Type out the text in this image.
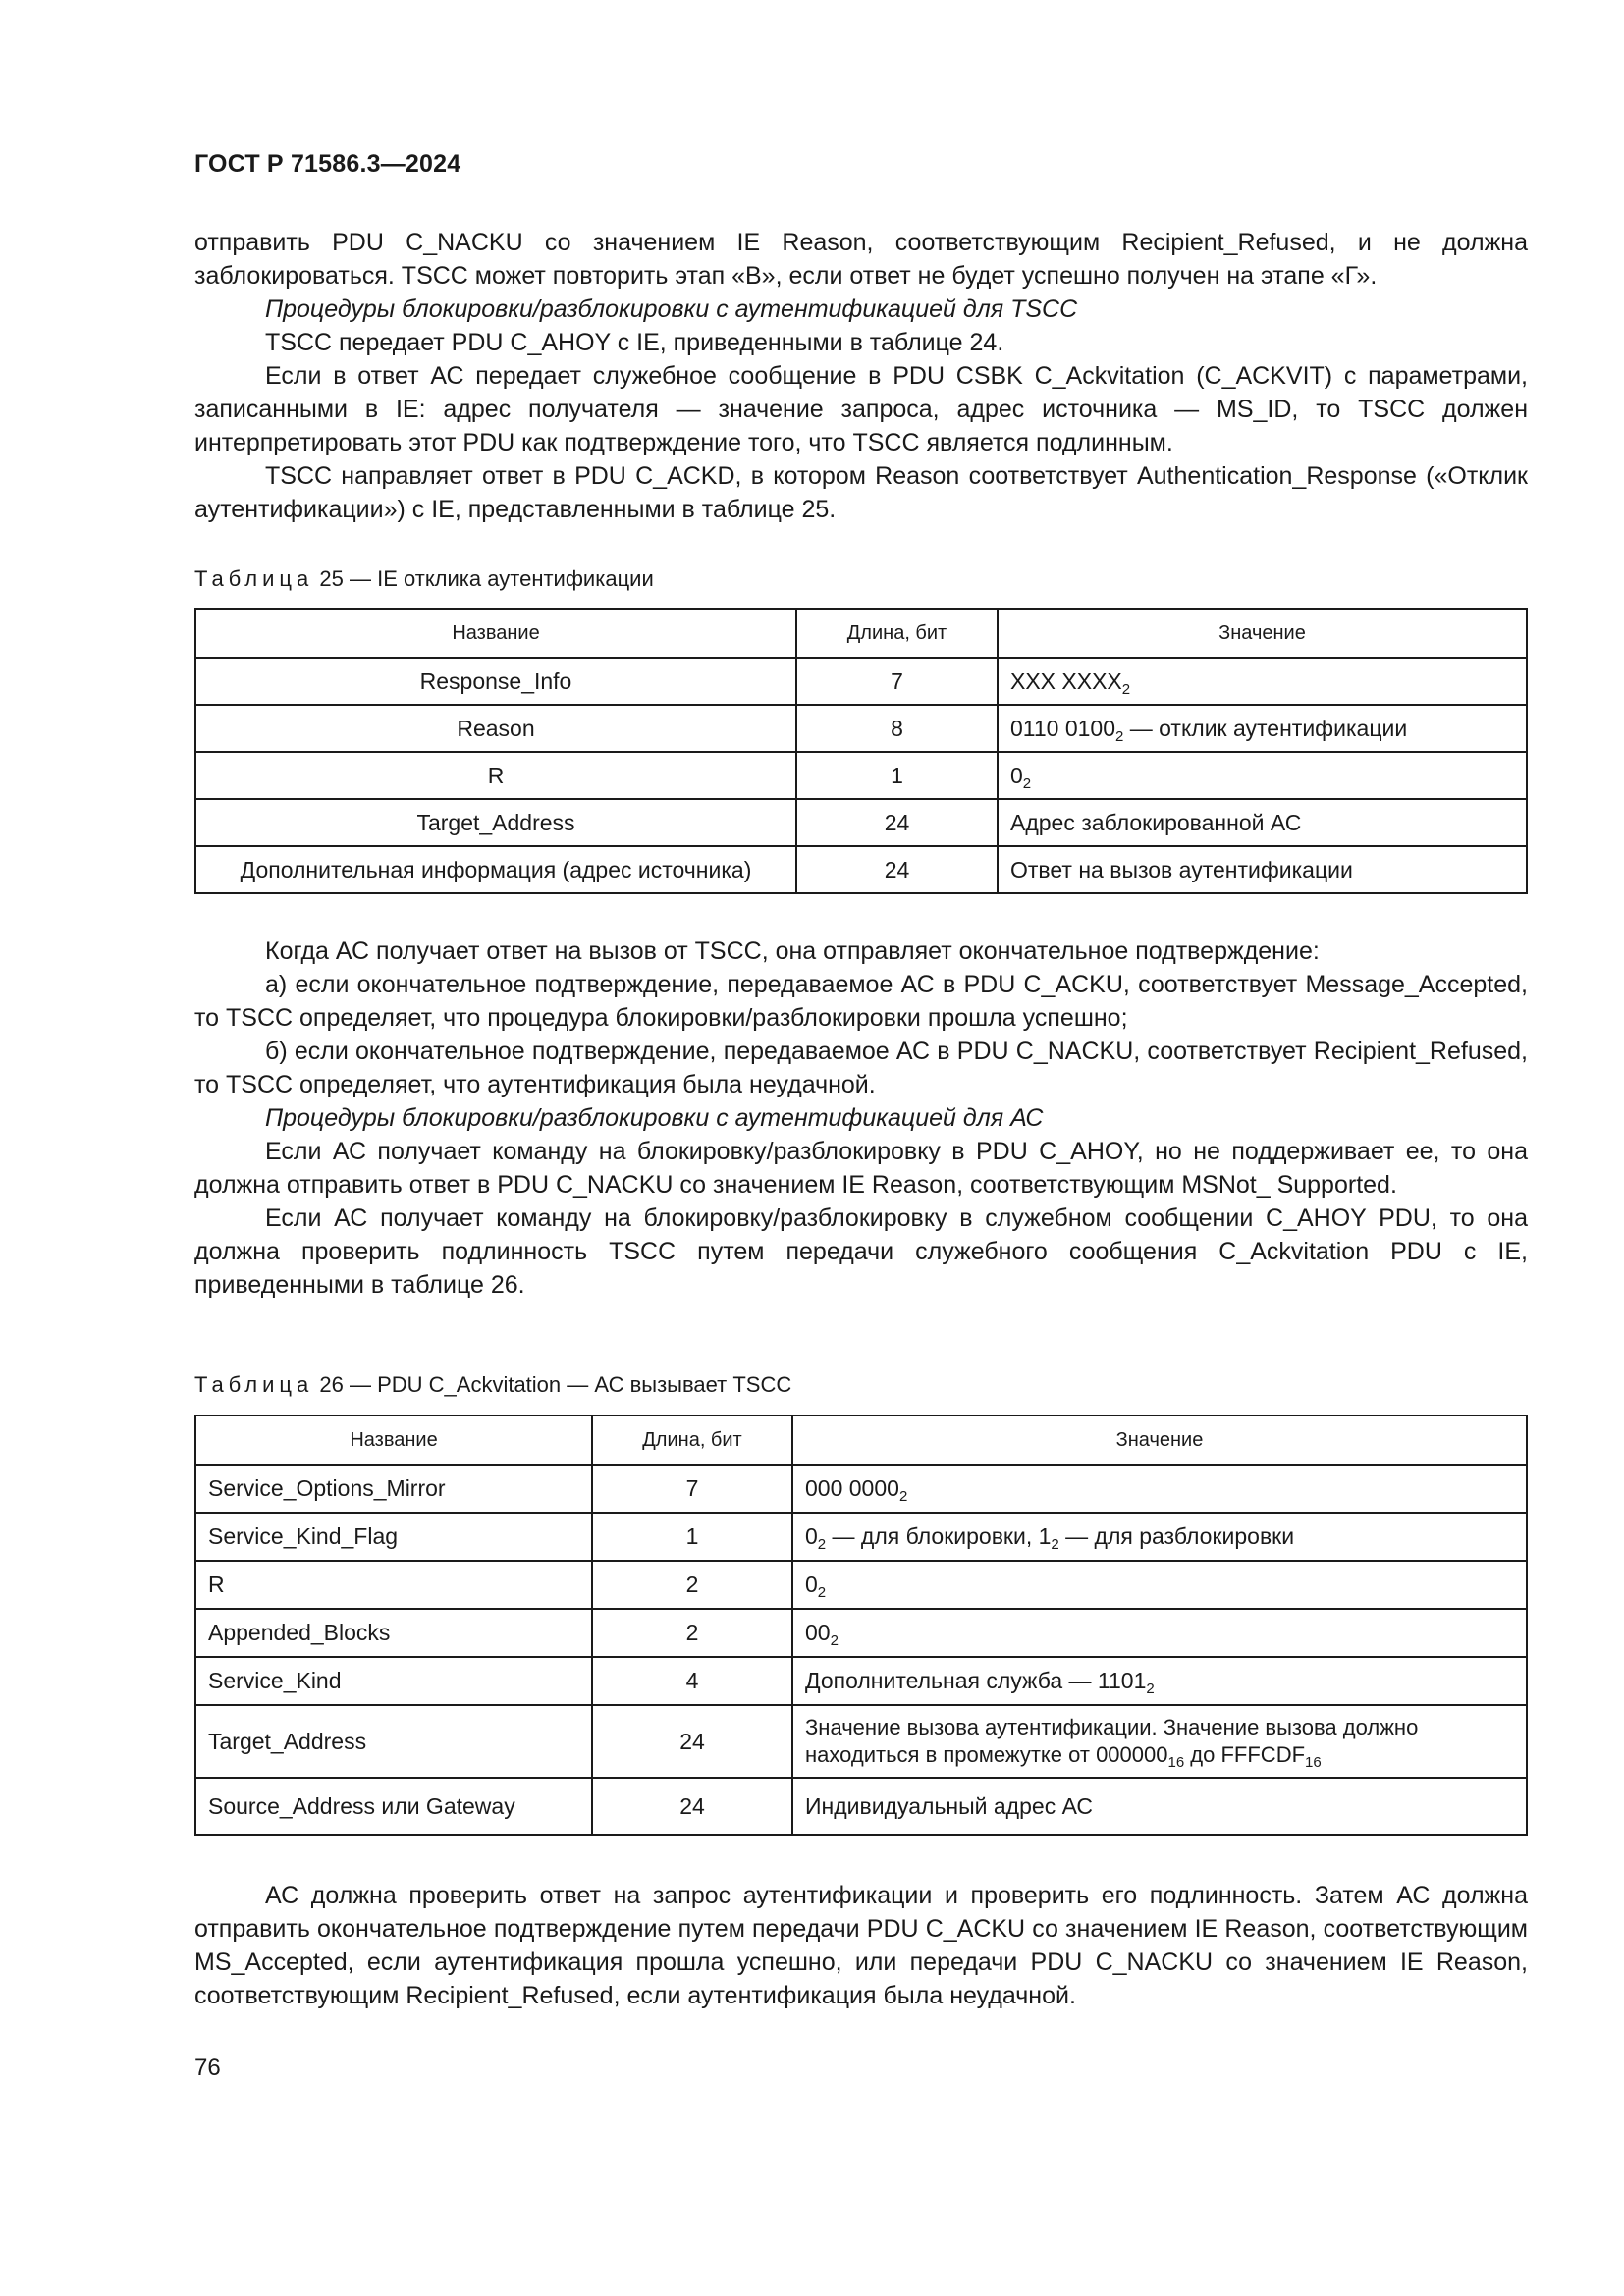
ГОСТ Р 71586.3—2024

отправить PDU C_NACKU со значением IE Reason, соответствующим Recipient_Refused, и не должна заблокироваться. TSCC может повторить этап «В», если ответ не будет успешно получен на этапе «Г».

Процедуры блокировки/разблокировки с аутентификацией для TSCC

TSCC передает PDU C_AHOY с IE, приведенными в таблице 24.

Если в ответ АС передает служебное сообщение в PDU CSBK C_Ackvitation (C_ACKVIT) с параметрами, записанными в IE: адрес получателя — значение запроса, адрес источника — MS_ID, то TSCC должен интерпретировать этот PDU как подтверждение того, что TSCC является подлинным.

TSCC направляет ответ в PDU C_ACKD, в котором Reason соответствует Authentication_Response («Отклик аутентификации») с IE, представленными в таблице 25.

Таблица 25 — IE отклика аутентификации
Название	Длина, бит	Значение
Response_Info	7	XXX $XXXX_2$
Reason	8	0110 $0100_2$ — отклик аутентификации
R	1	$0_2$
Target_Address	24	Адрес заблокированной АС
Дополнительная информация (адрес источника)	24	Ответ на вызов аутентификации

Когда АС получает ответ на вызов от TSCC, она отправляет окончательное подтверждение:

а) если окончательное подтверждение, передаваемое АС в PDU C_ACKU, соответствует Message_Accepted, то TSCC определяет, что процедура блокировки/разблокировки прошла успешно;

б) если окончательное подтверждение, передаваемое АС в PDU C_NACKU, соответствует Recipient_Refused, то TSCC определяет, что аутентификация была неудачной.

Процедуры блокировки/разблокировки с аутентификацией для АС

Если АС получает команду на блокировку/разблокировку в PDU C_AHOY, но не поддерживает ее, то она должна отправить ответ в PDU C_NACKU со значением IE Reason, соответствующим MSNot_ Supported.

Если АС получает команду на блокировку/разблокировку в служебном сообщении C_AHOY PDU, то она должна проверить подлинность TSCC путем передачи служебного сообщения C_Ackvitation PDU с IE, приведенными в таблице 26.

Таблица 26 — PDU C_Ackvitation — АС вызывает TSCC
Название	Длина, бит	Значение
Service_Options_Mirror	7	000 $0000_2$
Service_Kind_Flag	1	$0_2$ — для блокировки, $1_2$ — для разблокировки
R	2	$0_2$
Appended_Blocks	2	$00_2$
Service_Kind	4	Дополнительная служба — $1101_2$
Target_Address	24	Значение вызова аутентификации. Значение вызова должно находиться в промежутке от $000000_{16}$ до $FFFCDF_{16}$
Source_Address или Gateway	24	Индивидуальный адрес АС

АС должна проверить ответ на запрос аутентификации и проверить его подлинность. Затем АС должна отправить окончательное подтверждение путем передачи PDU C_ACKU со значением IE Reason, соответствующим MS_Accepted, если аутентификация прошла успешно, или передачи PDU C_NACKU со значением IE Reason, соответствующим Recipient_Refused, если аутентификация была неудачной.

76
